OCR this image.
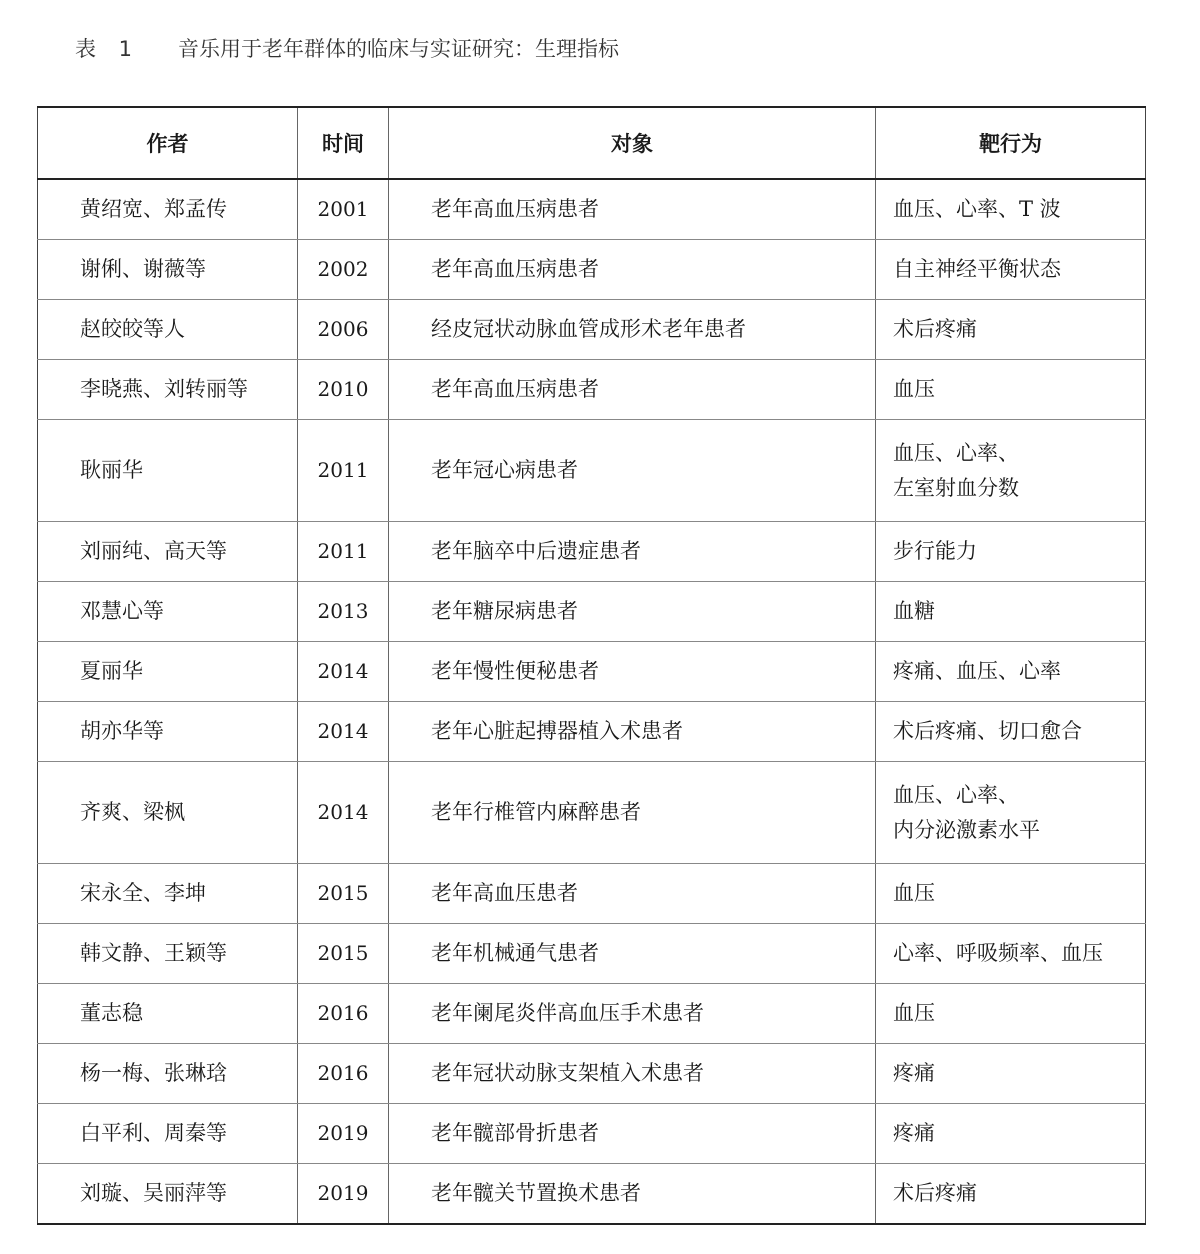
表 1 音乐用于老年群体的临床与实证研究：生理指标
作者	时间	对象	靶行为
黄绍宽、郑孟传	2001	老年高血压病患者	血压、心率、T 波
谢俐、谢薇等	2002	老年高血压病患者	自主神经平衡状态
赵皎皎等人	2006	经皮冠状动脉血管成形术老年患者	术后疼痛
李晓燕、刘转丽等	2010	老年高血压病患者	血压
耿丽华	2011	老年冠心病患者	血压、心率、
左室射血分数
刘丽纯、高天等	2011	老年脑卒中后遗症患者	步行能力
邓慧心等	2013	老年糖尿病患者	血糖
夏丽华	2014	老年慢性便秘患者	疼痛、血压、心率
胡亦华等	2014	老年心脏起搏器植入术患者	术后疼痛、切口愈合
齐爽、梁枫	2014	老年行椎管内麻醉患者	血压、心率、
内分泌激素水平
宋永全、李坤	2015	老年高血压患者	血压
韩文静、王颖等	2015	老年机械通气患者	心率、呼吸频率、血压
董志稳	2016	老年阑尾炎伴高血压手术患者	血压
杨一梅、张琳琀	2016	老年冠状动脉支架植入术患者	疼痛
白平利、周秦等	2019	老年髋部骨折患者	疼痛
刘璇、吴丽萍等	2019	老年髋关节置换术患者	术后疼痛
